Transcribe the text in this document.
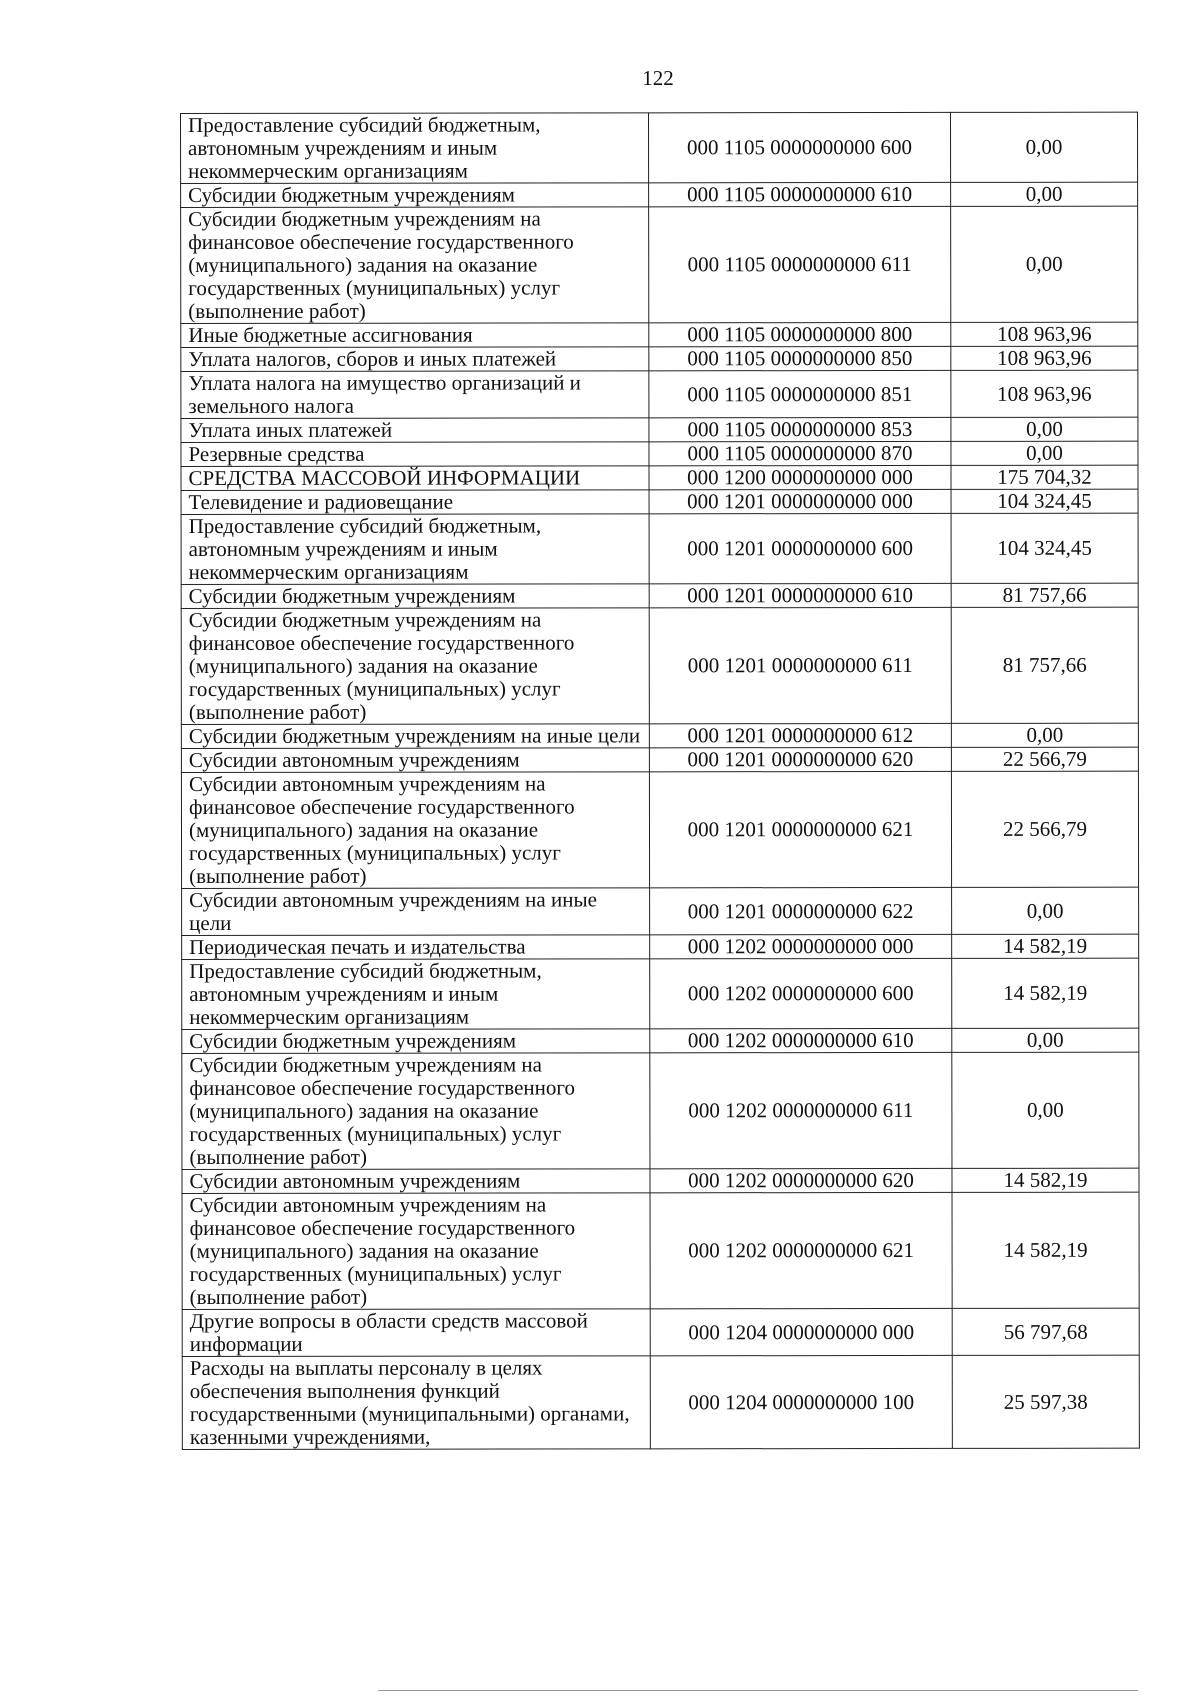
122
Предоставление субсидий бюджетным, автономным учреждениям и иным некоммерческим организациям	000 1105 0000000000 600	0,00
Субсидии бюджетным учреждениям	000 1105 0000000000 610	0,00
Субсидии бюджетным учреждениям на финансовое обеспечение государственного (муниципального) задания на оказание государственных (муниципальных) услуг (выполнение работ)	000 1105 0000000000 611	0,00
Иные бюджетные ассигнования	000 1105 0000000000 800	108 963,96
Уплата налогов, сборов и иных платежей	000 1105 0000000000 850	108 963,96
Уплата налога на имущество организаций и земельного налога	000 1105 0000000000 851	108 963,96
Уплата иных платежей	000 1105 0000000000 853	0,00
Резервные средства	000 1105 0000000000 870	0,00
СРЕДСТВА МАССОВОЙ ИНФОРМАЦИИ	000 1200 0000000000 000	175 704,32
Телевидение и радиовещание	000 1201 0000000000 000	104 324,45
Предоставление субсидий бюджетным, автономным учреждениям и иным некоммерческим организациям	000 1201 0000000000 600	104 324,45
Субсидии бюджетным учреждениям	000 1201 0000000000 610	81 757,66
Субсидии бюджетным учреждениям на финансовое обеспечение государственного (муниципального) задания на оказание государственных (муниципальных) услуг (выполнение работ)	000 1201 0000000000 611	81 757,66
Субсидии бюджетным учреждениям на иные цели	000 1201 0000000000 612	0,00
Субсидии автономным учреждениям	000 1201 0000000000 620	22 566,79
Субсидии автономным учреждениям на финансовое обеспечение государственного (муниципального) задания на оказание государственных (муниципальных) услуг (выполнение работ)	000 1201 0000000000 621	22 566,79
Субсидии автономным учреждениям на иные цели	000 1201 0000000000 622	0,00
Периодическая печать и издательства	000 1202 0000000000 000	14 582,19
Предоставление субсидий бюджетным, автономным учреждениям и иным некоммерческим организациям	000 1202 0000000000 600	14 582,19
Субсидии бюджетным учреждениям	000 1202 0000000000 610	0,00
Субсидии бюджетным учреждениям на финансовое обеспечение государственного (муниципального) задания на оказание государственных (муниципальных) услуг (выполнение работ)	000 1202 0000000000 611	0,00
Субсидии автономным учреждениям	000 1202 0000000000 620	14 582,19
Субсидии автономным учреждениям на финансовое обеспечение государственного (муниципального) задания на оказание государственных (муниципальных) услуг (выполнение работ)	000 1202 0000000000 621	14 582,19
Другие вопросы в области средств массовой информации	000 1204 0000000000 000	56 797,68
Расходы на выплаты персоналу в целях обеспечения выполнения функций государственными (муниципальными) органами, казенными учреждениями,	000 1204 0000000000 100	25 597,38
